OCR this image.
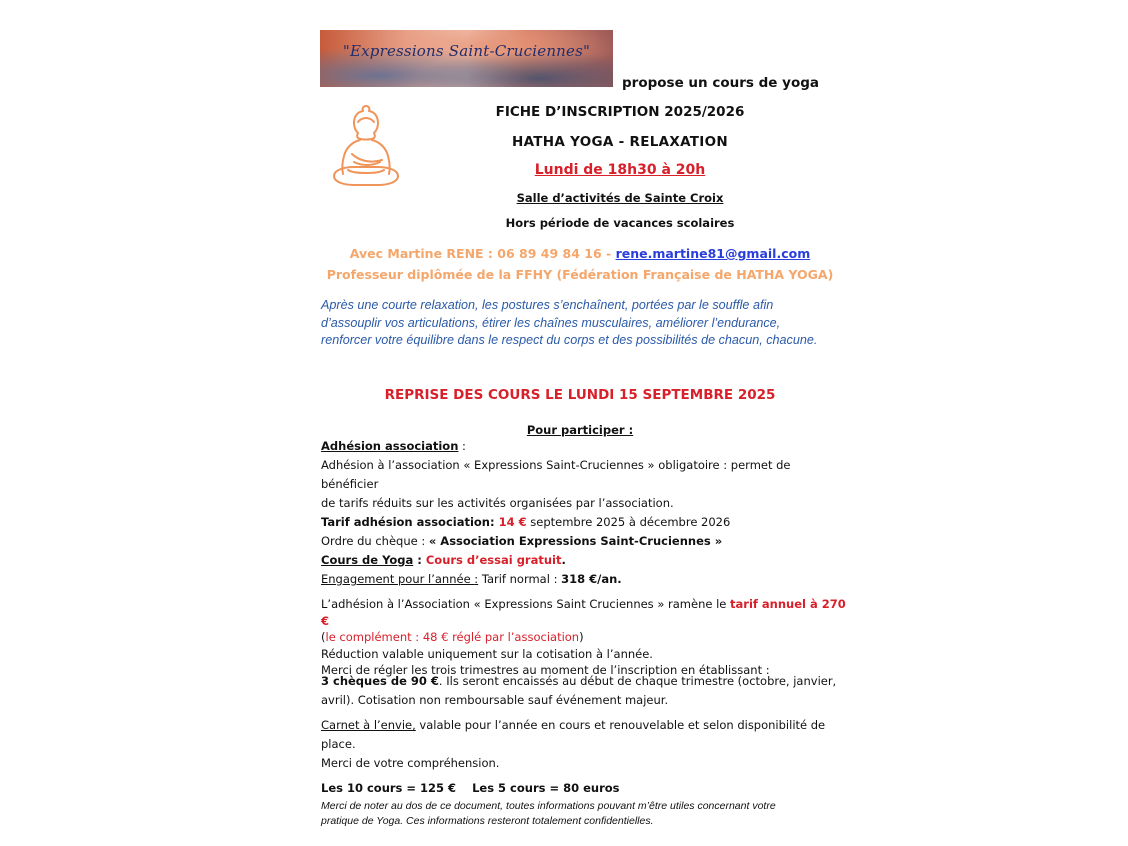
"Expressions Saint-Cruciennes"
propose un cours de yoga
FICHE D’INSCRIPTION 2025/2026
HATHA YOGA - RELAXATION
Lundi de 18h30 à 20h
Salle d’activités de Sainte Croix
Hors période de vacances scolaires
Avec Martine RENE : 06 89 49 84 16 - rene.martine81@gmail.com
Professeur diplômée de la FFHY (Fédération Française de HATHA YOGA)
Après une courte relaxation, les postures s’enchaînent, portées par le souffle afin d’assouplir vos articulations, étirer les chaînes musculaires, améliorer l’endurance, renforcer votre équilibre dans le respect du corps et des possibilités de chacun, chacune.
REPRISE DES COURS LE LUNDI 15 SEPTEMBRE 2025
Pour participer :
Adhésion association :
Adhésion à l’association « Expressions Saint-Cruciennes » obligatoire : permet de bénéficier
de tarifs réduits sur les activités organisées par l’association.
Tarif adhésion association: 14 € septembre 2025 à décembre 2026
Ordre du chèque : « Association Expressions Saint-Cruciennes »
Cours de Yoga : Cours d’essai gratuit.
Engagement pour l’année : Tarif normal : 318 €/an.
L’adhésion à l’Association « Expressions Saint Cruciennes » ramène le tarif annuel à 270 €
(le complément : 48 € réglé par l’association)
Réduction valable uniquement sur la cotisation à l’année.
Merci de régler les trois trimestres au moment de l’inscription en établissant :
3 chèques de 90 €. Ils seront encaissés au début de chaque trimestre (octobre, janvier,
avril). Cotisation non remboursable sauf événement majeur.
Carnet à l’envie, valable pour l’année en cours et renouvelable et selon disponibilité de place.
Merci de votre compréhension.
Les 10 cours = 125 €    Les 5 cours = 80 euros
Merci de noter au dos de ce document, toutes informations pouvant m’être utiles concernant votre
pratique de Yoga. Ces informations resteront totalement confidentielles.
